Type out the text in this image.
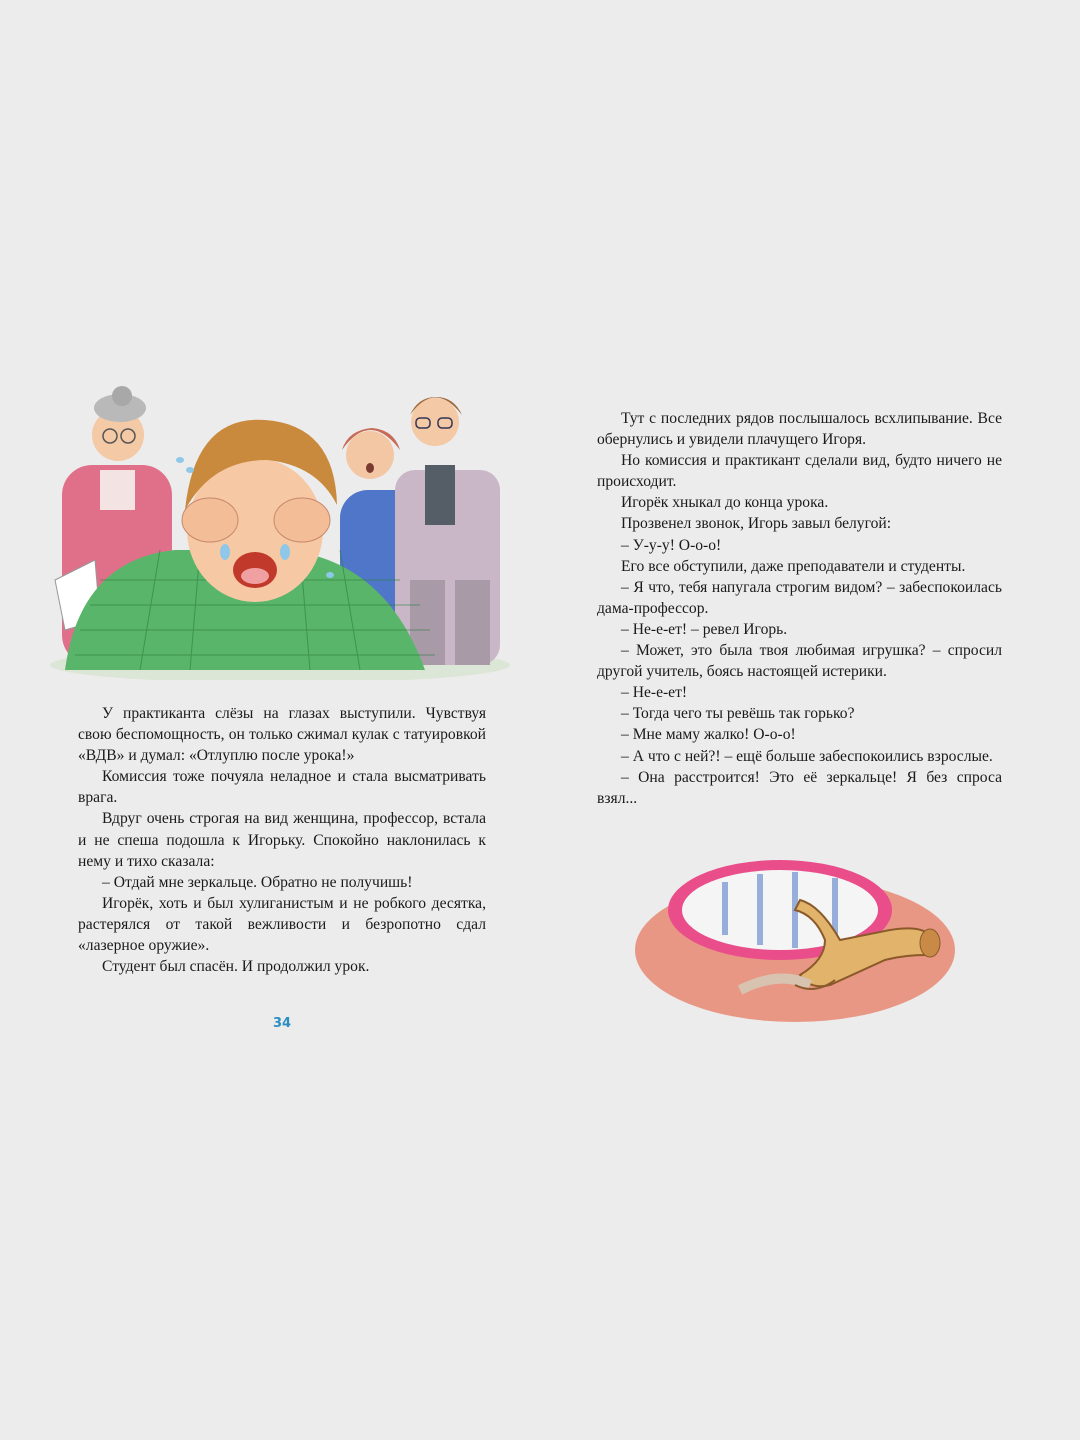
У практиканта слёзы на глазах выступили. Чувствуя свою беспомощность, он только сжимал кулак с татуировкой «ВДВ» и думал: «Отлуплю после урока!»

Комиссия тоже почуяла неладное и стала высматривать врага.

Вдруг очень строгая на вид женщина, профессор, встала и не спеша подошла к Игорьку. Спокойно наклонилась к нему и тихо сказала:

– Отдай мне зеркальце. Обратно не получишь!

Игорёк, хоть и был хулиганистым и не робкого десятка, растерялся от такой вежливости и безропотно сдал «лазерное оружие».

Студент был спасён. И продолжил урок.

34

Тут с последних рядов послышалось всхлипывание. Все обернулись и увидели плачущего Игоря.

Но комиссия и практикант сделали вид, будто ничего не происходит.

Игорёк хныкал до конца урока.

Прозвенел звонок, Игорь завыл белугой:

– У-у-у! О-о-о!

Его все обступили, даже преподаватели и студенты.

– Я что, тебя напугала строгим видом? – забеспокоилась дама-профессор.

– Не-е-ет! – ревел Игорь.

– Может, это была твоя любимая игрушка? – спросил другой учитель, боясь настоящей истерики.

– Не-е-ет!

– Тогда чего ты ревёшь так горько?

– Мне маму жалко! О-о-о!

– А что с ней?! – ещё больше забеспокоились взрослые.

– Она расстроится! Это её зеркальце! Я без спроса взял...
